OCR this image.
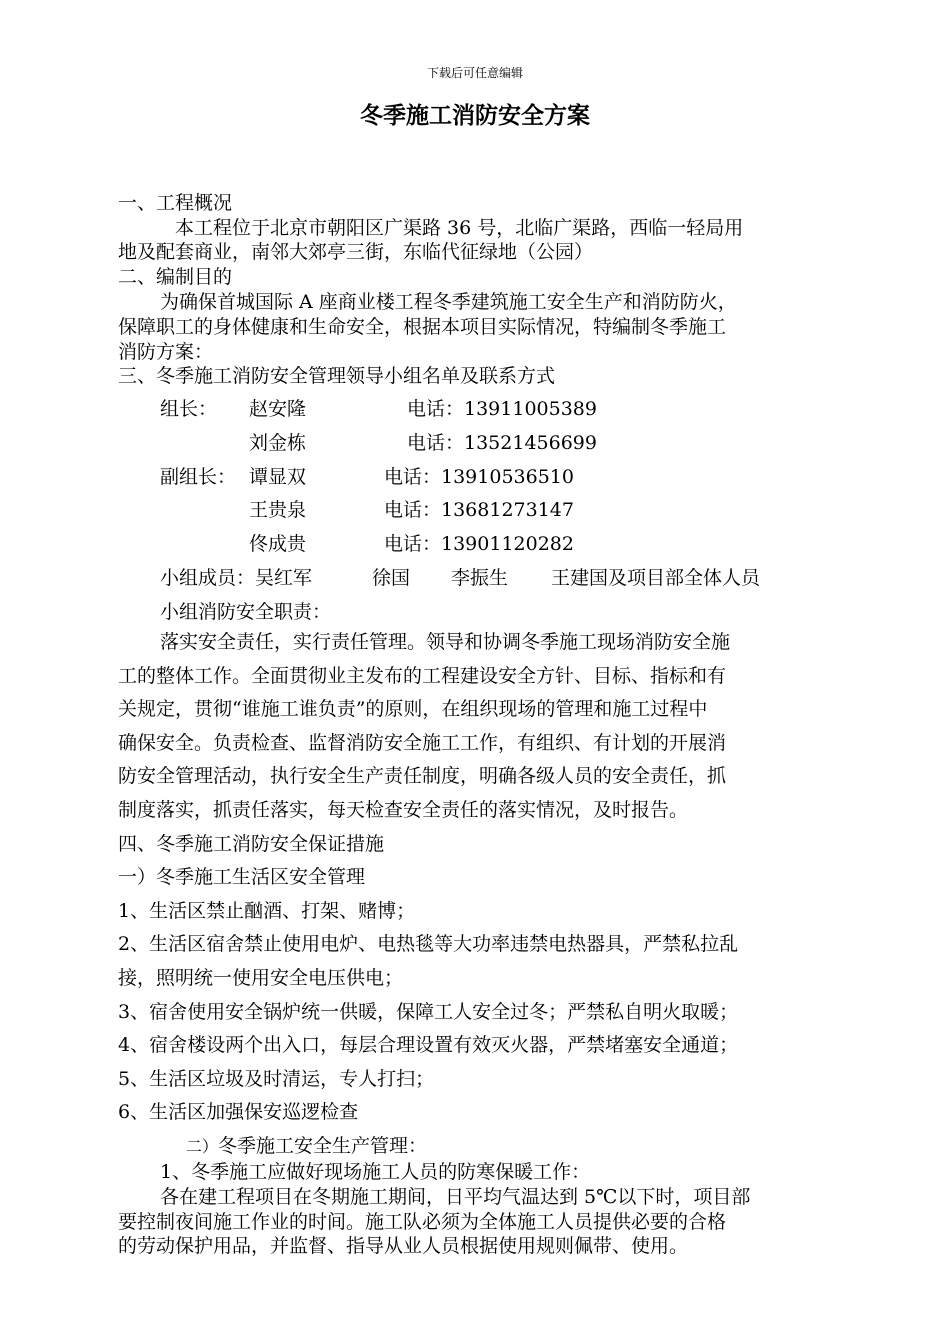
下载后可任意编辑
冬季施工消防安全方案
一、工程概况
本工程位于北京市朝阳区广渠路 36 号，北临广渠路，西临一轻局用
地及配套商业，南邻大郊亭三街，东临代征绿地（公园）
二、编制目的
为确保首城国际 A 座商业楼工程冬季建筑施工安全生产和消防防火，
保障职工的身体健康和生命安全，根据本项目实际情况，特编制冬季施工
消防方案：
三、冬季施工消防安全管理领导小组名单及联系方式
组长： 赵安隆	电话：13911005389
刘金栋	电话：13521456699
副组长： 谭显双	电话：13910536510
王贵泉	电话：13681273147
佟成贵	电话：13901120282
小组成员：吴红军	徐国 李振生 王建国及项目部全体人员
小组消防安全职责：
落实安全责任，实行责任管理。领导和协调冬季施工现场消防安全施
工的整体工作。全面贯彻业主发布的工程建设安全方针、目标、指标和有
关规定，贯彻“谁施工谁负责”的原则，在组织现场的管理和施工过程中
确保安全。负责检查、监督消防安全施工工作，有组织、有计划的开展消
防安全管理活动，执行安全生产责任制度，明确各级人员的安全责任，抓
制度落实，抓责任落实，每天检查安全责任的落实情况，及时报告。
四、冬季施工消防安全保证措施
一）冬季施工生活区安全管理
1、生活区禁止酗酒、打架、赌博；
2、生活区宿舍禁止使用电炉、电热毯等大功率违禁电热器具，严禁私拉乱
接，照明统一使用安全电压供电；
3、宿舍使用安全锅炉统一供暖，保障工人安全过冬；严禁私自明火取暖；
4、宿舍楼设两个出入口，每层合理设置有效灭火器，严禁堵塞安全通道；
5、生活区垃圾及时清运，专人打扫；
6、生活区加强保安巡逻检查
二）冬季施工安全生产管理：
1、冬季施工应做好现场施工人员的防寒保暖工作：
各在建工程项目在冬期施工期间，日平均气温达到 5℃以下时，项目部
要控制夜间施工作业的时间。施工队必须为全体施工人员提供必要的合格
的劳动保护用品，并监督、指导从业人员根据使用规则佩带、使用。
